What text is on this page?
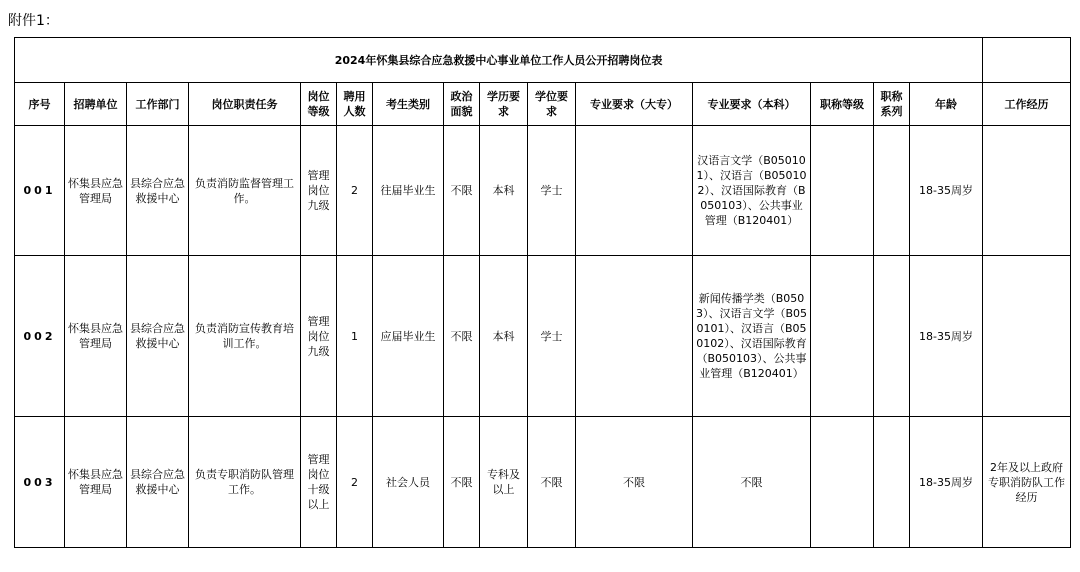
附件1：
2024年怀集县综合应急救援中心事业单位工作人员公开招聘岗位表															
序号	招聘单位	工作部门	岗位职责任务	岗位等级	聘用人数	考生类别	政治面貌	学历要求	学位要求	专业要求（大专）	专业要求（本科）	职称等级	职称系列	年龄	工作经历
001	怀集县应急管理局	县综合应急救援中心	负责消防监督管理工作。	管理岗位九级	2	往届毕业生	不限	本科	学士		汉语言文学（B050101）、汉语言（B050102）、汉语国际教育（B050103）、公共事业管理（B120401）			18-35周岁	
002	怀集县应急管理局	县综合应急救援中心	负责消防宣传教育培训工作。	管理岗位九级	1	应届毕业生	不限	本科	学士		新闻传播学类（B0503）、汉语言文学（B050101）、汉语言（B050102）、汉语国际教育（B050103）、公共事业管理（B120401）			18-35周岁	
003	怀集县应急管理局	县综合应急救援中心	负责专职消防队管理工作。	管理岗位十级以上	2	社会人员	不限	专科及以上	不限	不限	不限			18-35周岁	2年及以上政府专职消防队工作经历
